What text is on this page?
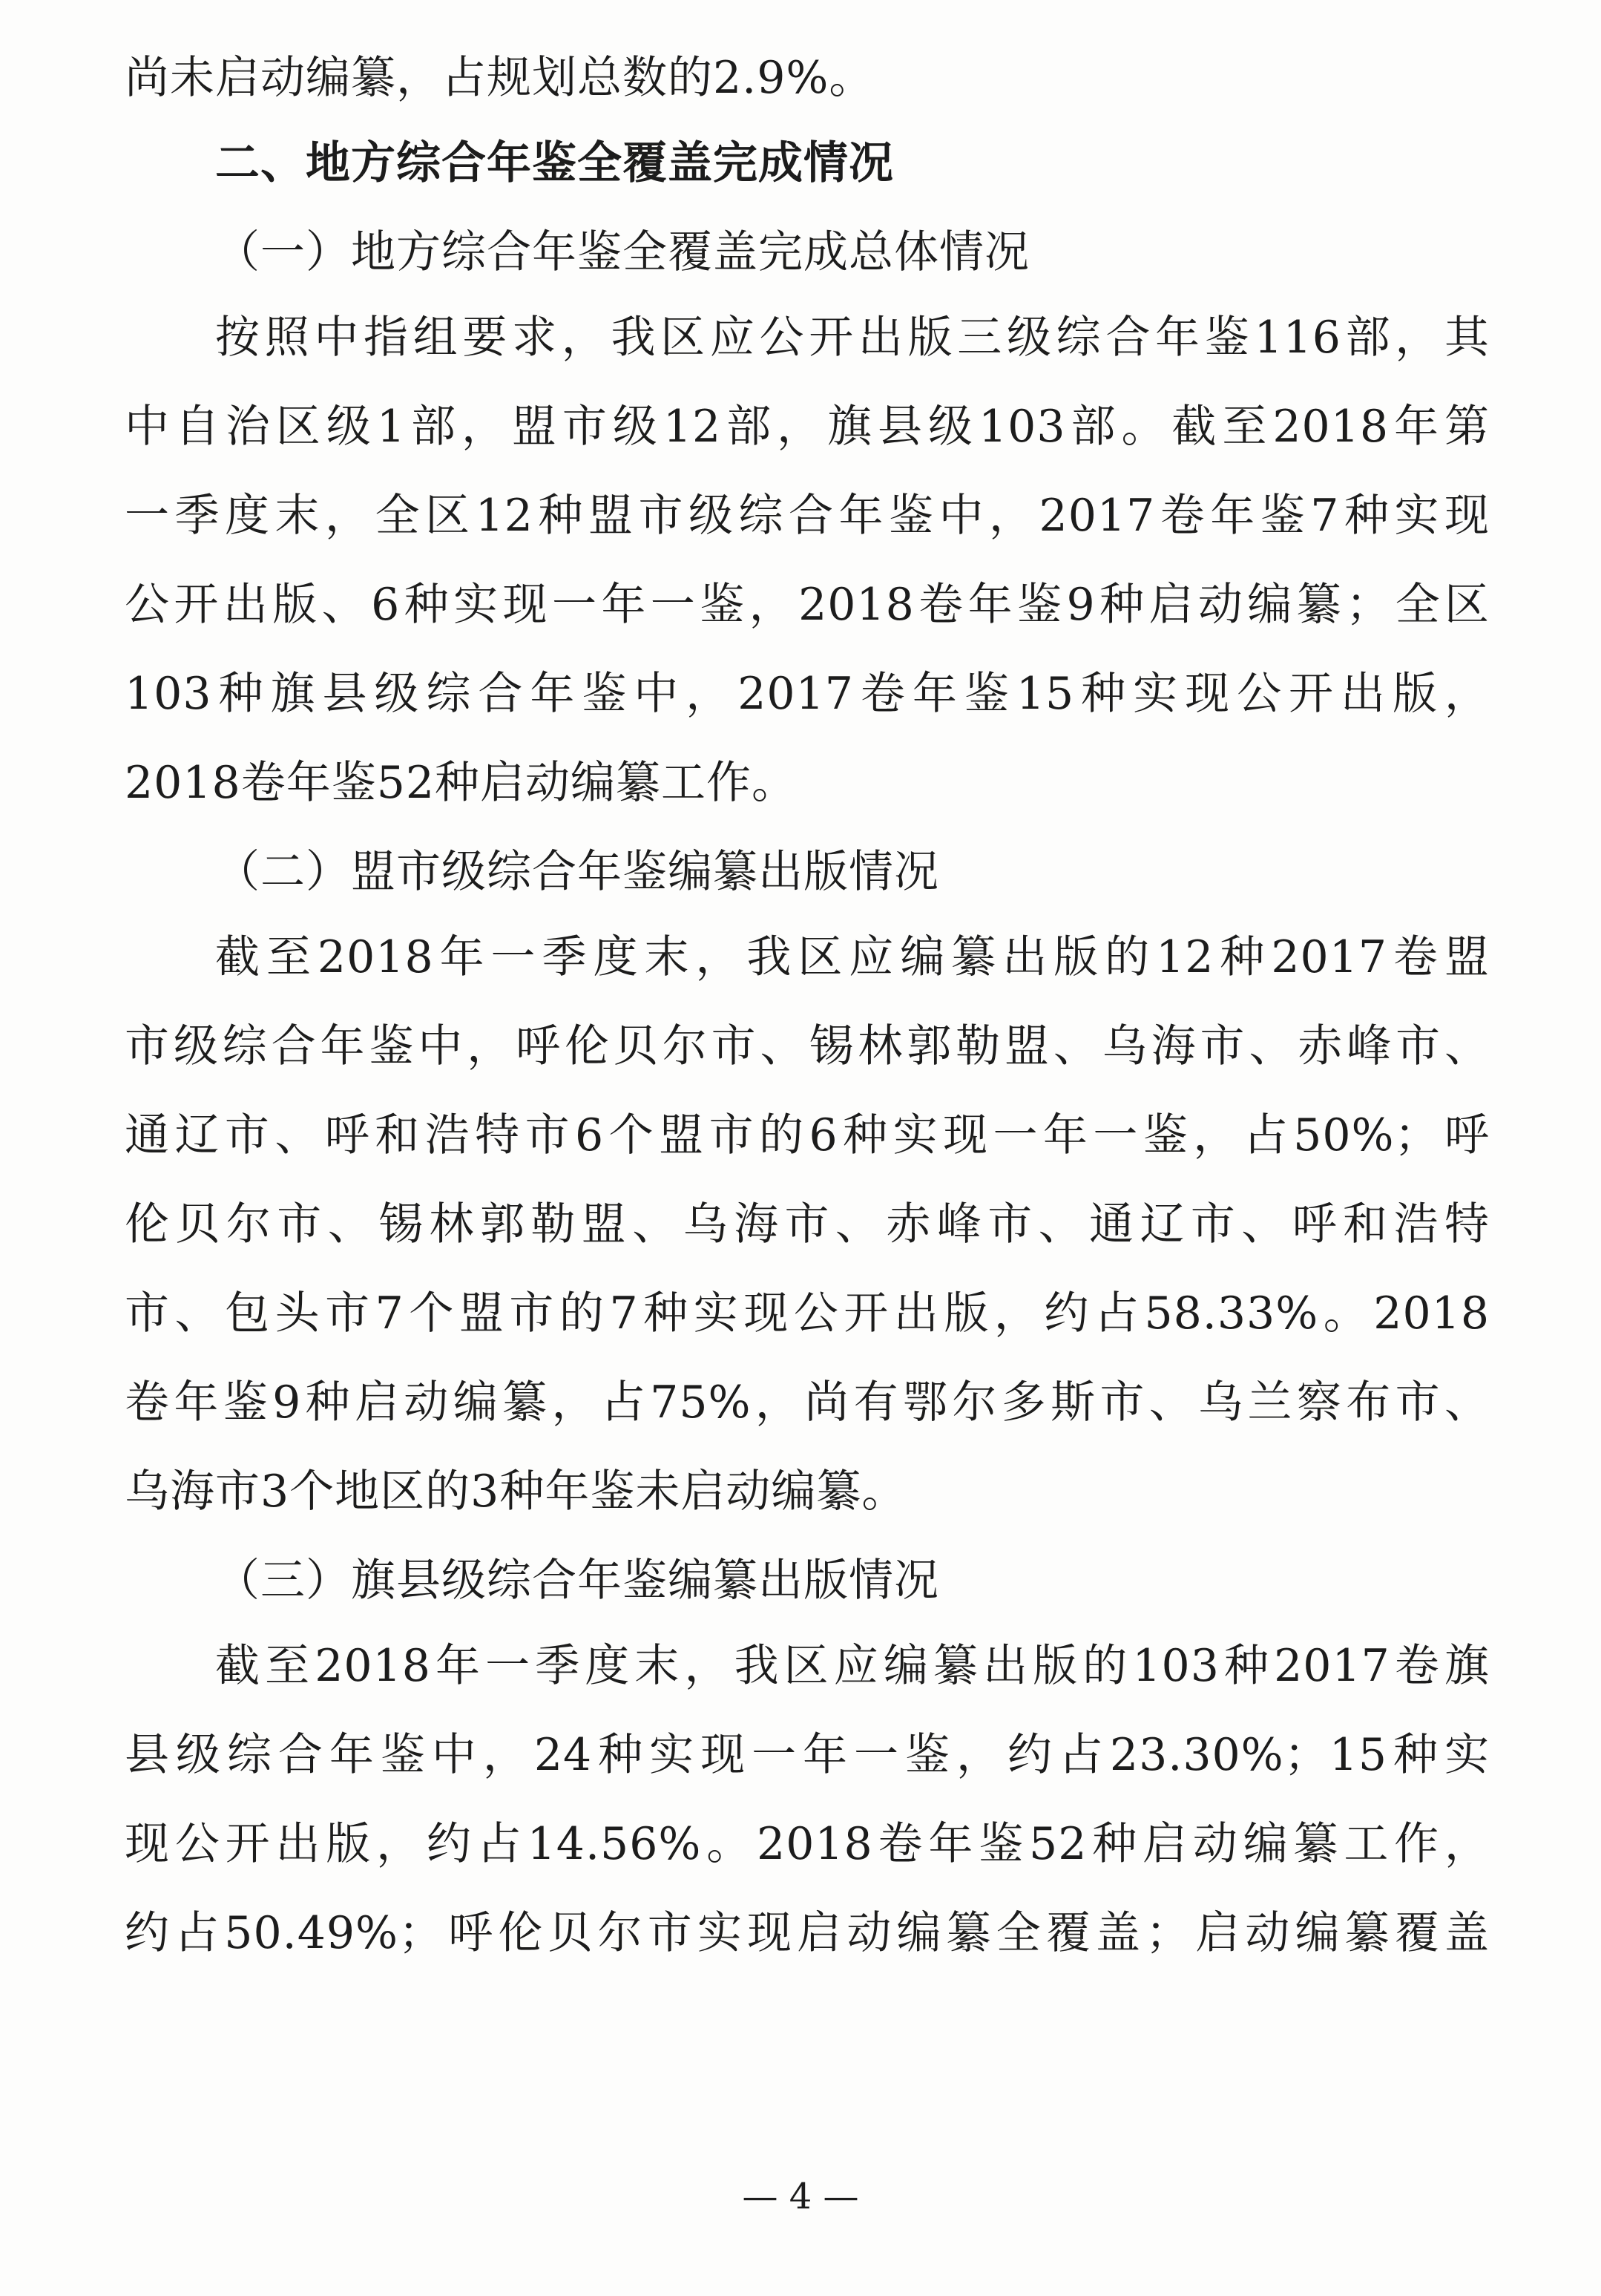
尚未启动编纂，占规划总数的2.9%。
二、地方综合年鉴全覆盖完成情况
（一）地方综合年鉴全覆盖完成总体情况
按照中指组要求，我区应公开出版三级综合年鉴116部，其
中自治区级1部，盟市级12部，旗县级103部。截至2018年第
一季度末，全区12种盟市级综合年鉴中，2017卷年鉴7种实现
公开出版、6种实现一年一鉴，2018卷年鉴9种启动编纂；全区
103种旗县级综合年鉴中，2017卷年鉴15种实现公开出版，
2018卷年鉴52种启动编纂工作。
（二）盟市级综合年鉴编纂出版情况
截至2018年一季度末，我区应编纂出版的12种2017卷盟
市级综合年鉴中，呼伦贝尔市、锡林郭勒盟、乌海市、赤峰市、
通辽市、呼和浩特市6个盟市的6种实现一年一鉴，占50%；呼
伦贝尔市、锡林郭勒盟、乌海市、赤峰市、通辽市、呼和浩特
市、包头市7个盟市的7种实现公开出版，约占58.33%。2018
卷年鉴9种启动编纂，占75%，尚有鄂尔多斯市、乌兰察布市、
乌海市3个地区的3种年鉴未启动编纂。
（三）旗县级综合年鉴编纂出版情况
截至2018年一季度末，我区应编纂出版的103种2017卷旗
县级综合年鉴中，24种实现一年一鉴，约占23.30%；15种实
现公开出版，约占14.56%。2018卷年鉴52种启动编纂工作，
约占50.49%；呼伦贝尔市实现启动编纂全覆盖；启动编纂覆盖
— 4 —
